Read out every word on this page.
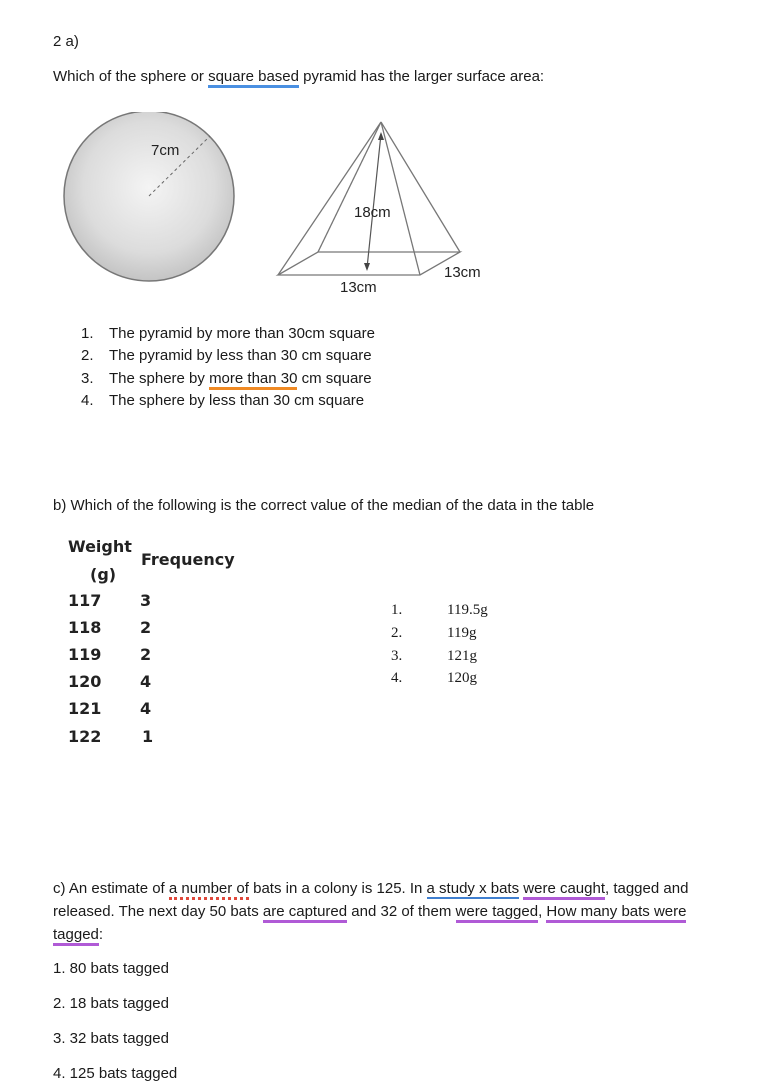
2 a)
Which of the sphere or square based pyramid has the larger surface area:
7cm
18cm
13cm
13cm
1. The pyramid by more than 30cm square
2. The pyramid by less than 30 cm square
3. The sphere by more than 30 cm square
4. The sphere by less than 30 cm square
b) Which of the following is the correct value of the median of the data in the table
Weight
(g)
Frequency
117 3
118 2
119 2
120 4
121 4
122	1
1.	119.5g
2.	119g
3.	121g
4.	120g
c) An estimate of a number of bats in a colony is 125. In a study x bats were caught, tagged and
released. The next day 50 bats are captured and 32 of them were tagged, How many bats were
tagged:
1. 80 bats tagged
2. 18 bats tagged
3. 32 bats tagged
4. 125 bats tagged
